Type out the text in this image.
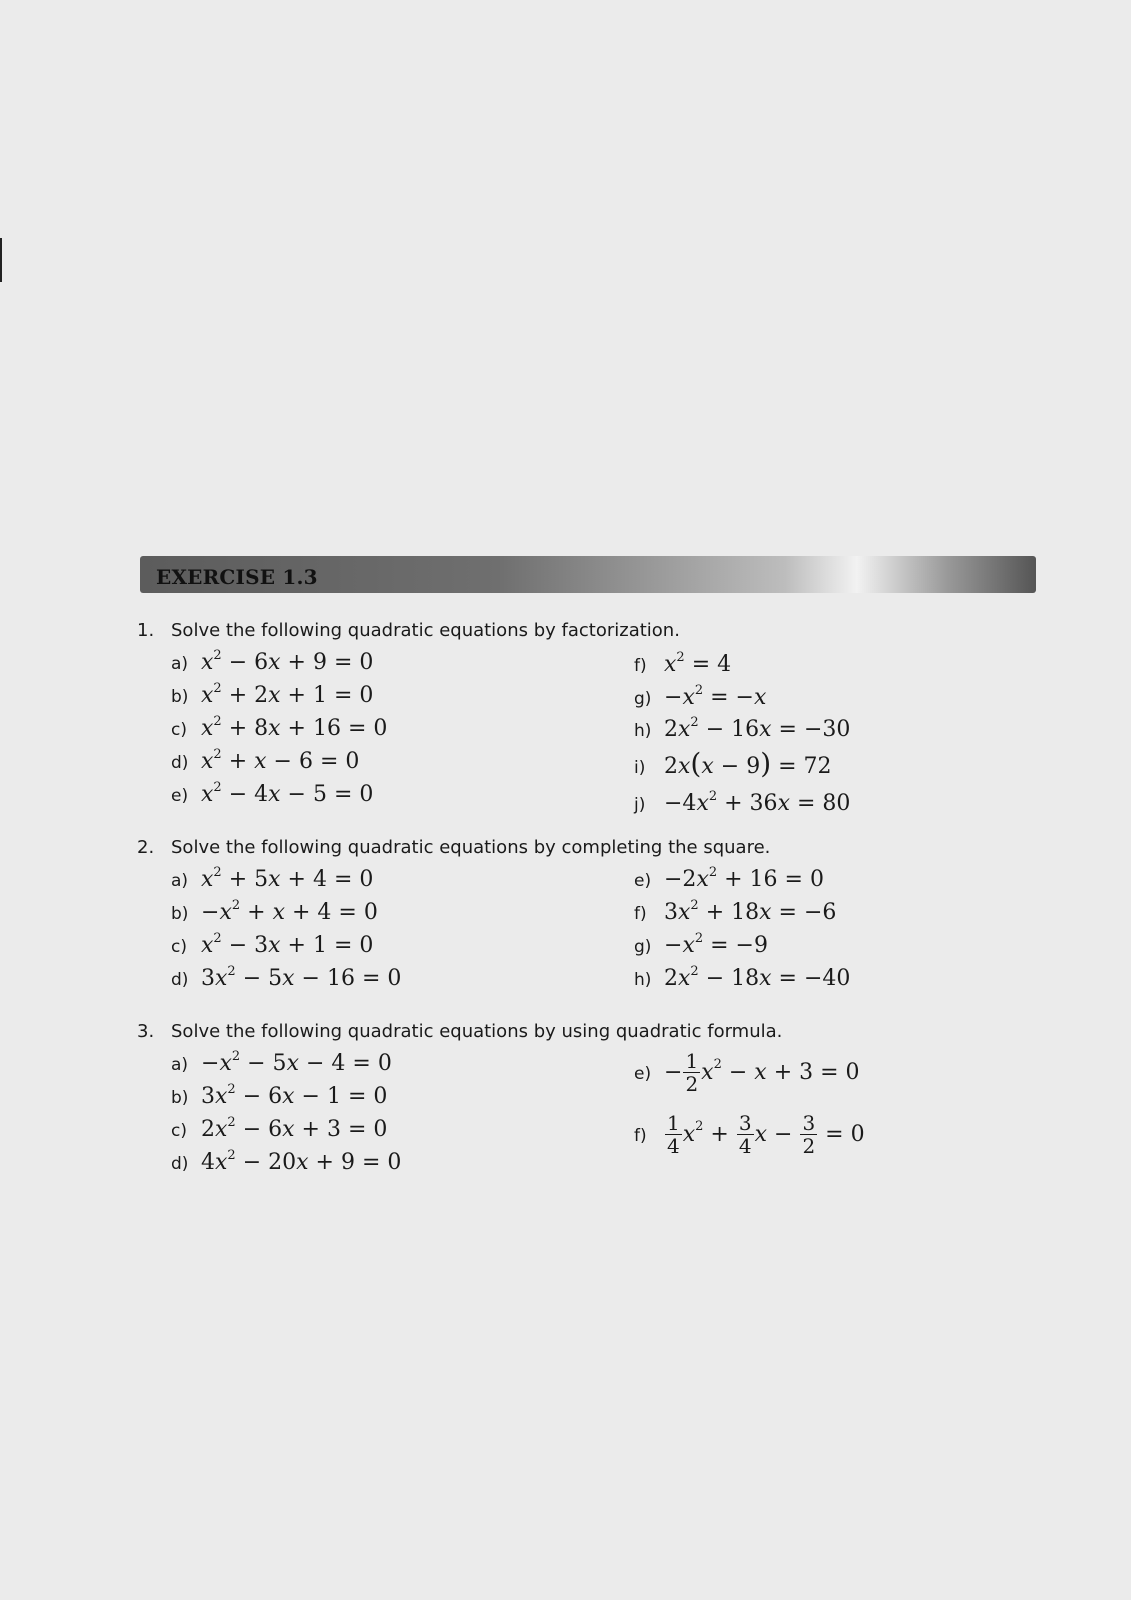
EXERCISE 1.3
1. Solve the following quadratic equations by factorization.
a) $x^2 - 6x + 9 = 0$
b) $x^2 + 2x + 1 = 0$
c) $x^2 + 8x + 16 = 0$
d) $x^2 + x - 6 = 0$
e) $x^2 - 4x - 5 = 0$
f) $x^2 = 4$
$g) -x^2 = -x$
h) $2x^2 - 16x = -30$
i) 2x(x − 9) = 72
$j) -4x^2 + 36x = 80$
2. Solve the following quadratic equations by completing the square.
a) $x^2 + 5x + 4 = 0$
$b) -x^2 + x + 4 = 0$
c) $x^2 - 3x + 1 = 0$
d) $3x^2 - 5x - 16 = 0$
$e) -2x^2 + 16 = 0$
f) $3x^2 + 18x = -6$
$g) -x^2 = -9$
h) $2x^2 - 18x = -40$
3. Solve the following quadratic equations by using quadratic formula.
$a) -x^2 - 5x - 4 = 0$
b) $3x^2 - 6x - 1 = 0$
c) $2x^2 - 6x + 3 = 0$
d) $4x^2 - 20x + 9 = 0$
$e) - \frac{1}{2} x^2 - x + 3 = 0$
$f) \frac{1}{4} x^2 + \frac{3}{4}$ $x - \frac{3}{2} = 0$
